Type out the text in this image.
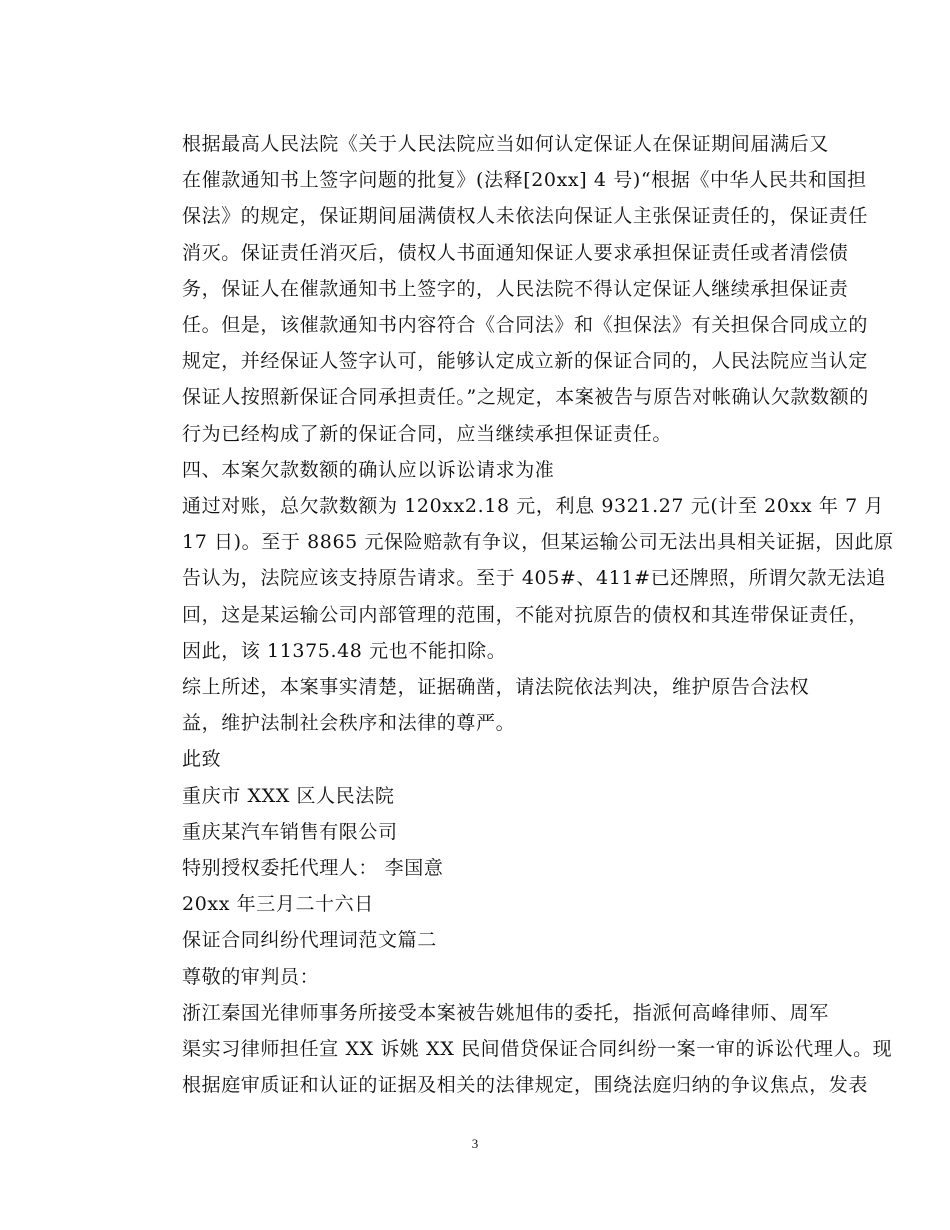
根据最高人民法院《关于人民法院应当如何认定保证人在保证期间届满后又
在催款通知书上签字问题的批复》(法释[20xx] 4 号)“根据《中华人民共和国担
保法》的规定，保证期间届满债权人未依法向保证人主张保证责任的，保证责任
消灭。保证责任消灭后，债权人书面通知保证人要求承担保证责任或者清偿债
务，保证人在催款通知书上签字的，人民法院不得认定保证人继续承担保证责
任。但是，该催款通知书内容符合《合同法》和《担保法》有关担保合同成立的
规定，并经保证人签字认可，能够认定成立新的保证合同的，人民法院应当认定
保证人按照新保证合同承担责任。”之规定，本案被告与原告对帐确认欠款数额的
行为已经构成了新的保证合同，应当继续承担保证责任。

四、本案欠款数额的确认应以诉讼请求为准

通过对账，总欠款数额为 120xx2.18 元，利息 9321.27 元(计至 20xx 年 7 月
17 日)。至于 8865 元保险赔款有争议，但某运输公司无法出具相关证据，因此原
告认为，法院应该支持原告请求。至于 405#、411#已还牌照，所谓欠款无法追
回，这是某运输公司内部管理的范围，不能对抗原告的债权和其连带保证责任，
因此，该 11375.48 元也不能扣除。

综上所述，本案事实清楚，证据确凿，请法院依法判决，维护原告合法权
益，维护法制社会秩序和法律的尊严。

此致

重庆市 XXX 区人民法院

重庆某汽车销售有限公司

特别授权委托代理人： 李国意

20xx 年三月二十六日

保证合同纠纷代理词范文篇二

尊敬的审判员：

浙江秦国光律师事务所接受本案被告姚旭伟的委托，指派何高峰律师、周军
渠实习律师担任宣 XX 诉姚 XX 民间借贷保证合同纠纷一案一审的诉讼代理人。现
根据庭审质证和认证的证据及相关的法律规定，围绕法庭归纳的争议焦点，发表

3
